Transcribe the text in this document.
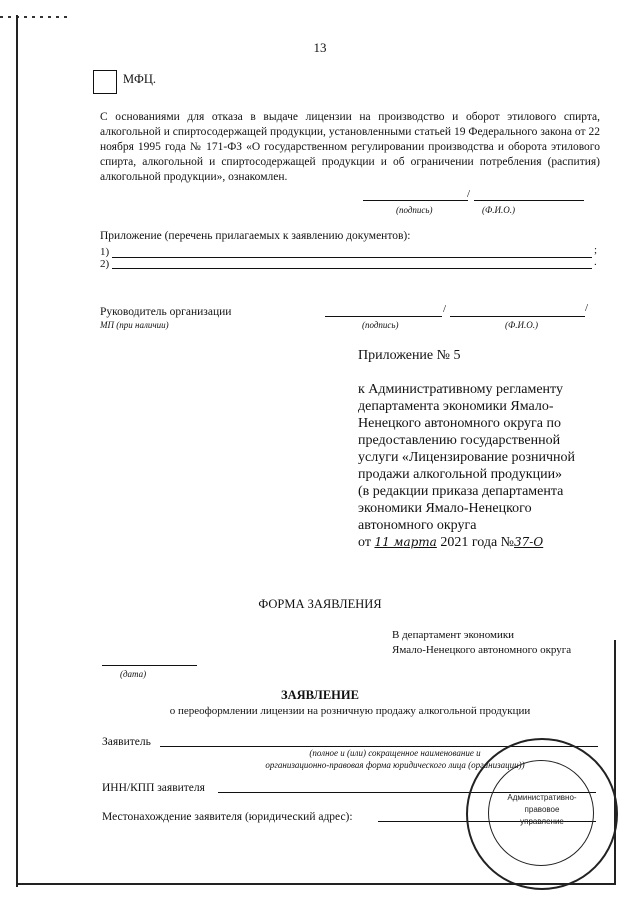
13
МФЦ.
С основаниями для отказа в выдаче лицензии на производство и оборот этилового спирта, алкогольной и спиртосодержащей продукции, установленными статьей 19 Федерального закона от 22 ноября 1995 года № 171-ФЗ «О государственном регулировании производства и оборота этилового спирта, алкогольной и спиртосодержащей продукции и об ограничении потребления (распития) алкогольной продукции», ознакомлен.
/
(подпись)	(Ф.И.О.)
Приложение (перечень прилагаемых к заявлению документов):
1)	;
2)	.
Руководитель организации
МП (при наличии)
/	/
(подпись)	(Ф.И.О.)
Приложение № 5
к Административному регламенту
департамента экономики Ямало-
Ненецкого автономного округа по
предоставлению государственной
услуги «Лицензирование розничной
продажи алкогольной продукции»
(в редакции приказа департамента
экономики Ямало-Ненецкого
автономного округа
от 11 марта 2021 года №37-О
ФОРМА ЗАЯВЛЕНИЯ
В департамент экономики
Ямало-Ненецкого автономного округа
(дата)
ЗАЯВЛЕНИЕ
о переоформлении лицензии на розничную продажу алкогольной продукции
Заявитель
(полное и (или) сокращенное наименование и
организационно-правовая форма юридического лица (организации))
ИНН/КПП заявителя
Местонахождение заявителя (юридический адрес):
Административно-
правовое
управление
